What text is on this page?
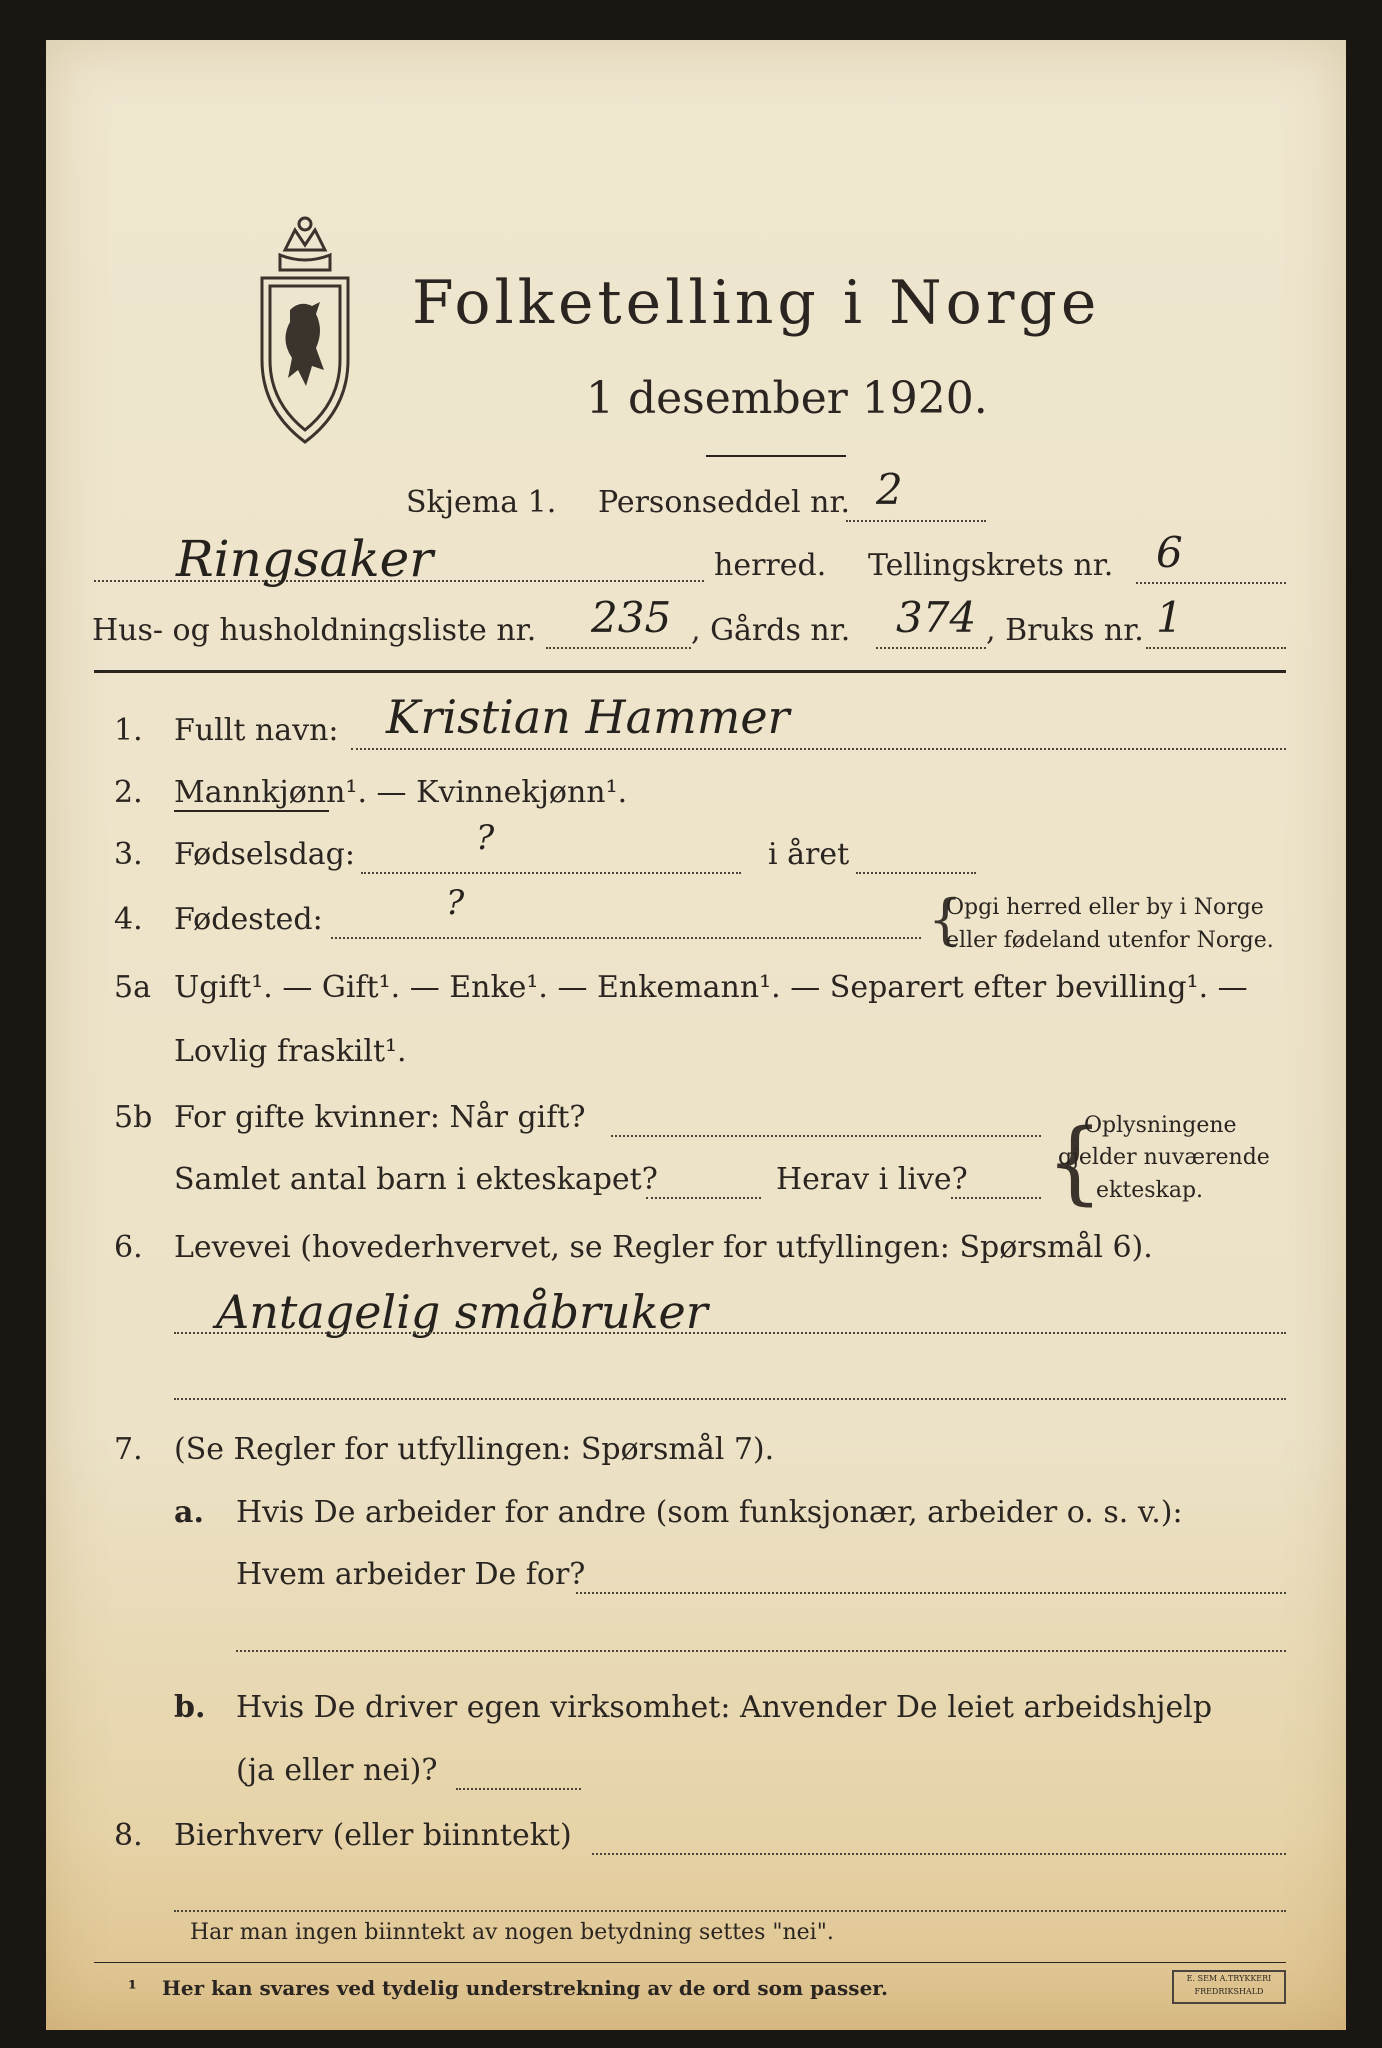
Folketelling i Norge
1 desember 1920.
Skjema 1. Personseddel nr. 2
Ringsaker	herred. Tellingskrets nr. 6
Hus- og husholdningsliste nr. 235 , Gårds nr. 374 , Bruks nr. 1
1. Fullt navn: Kristian Hammer
2. Mannkjønn¹. — Kvinnekjønn¹.
3. Fødselsdag:	?	i året
4. Fødested:	?	{
Opgi herred eller by i Norge
eller fødeland utenfor Norge.
5a Ugift¹. — Gift¹. — Enke¹. — Enkemann¹. — Separert efter bevilling¹. —
Lovlig fraskilt¹.
5b For gifte kvinner: Når gift?
Samlet antal barn i ekteskapet?	Herav i live? {
Oplysningene
gjelder nuværende
ekteskap.
6. Levevei (hovederhvervet, se Regler for utfyllingen: Spørsmål 6).
Antagelig småbruker
7. (Se Regler for utfyllingen: Spørsmål 7).
a. Hvis De arbeider for andre (som funksjonær, arbeider o. s. v.):
Hvem arbeider De for?
b. Hvis De driver egen virksomhet: Anvender De leiet arbeidshjelp
(ja eller nei)?
8. Bierhverv (eller biinntekt)
Har man ingen biinntekt av nogen betydning settes "nei".
¹ Her kan svares ved tydelig understrekning av de ord som passer.	E. SEM A.TRYKKERI
FREDRIKSHALD
